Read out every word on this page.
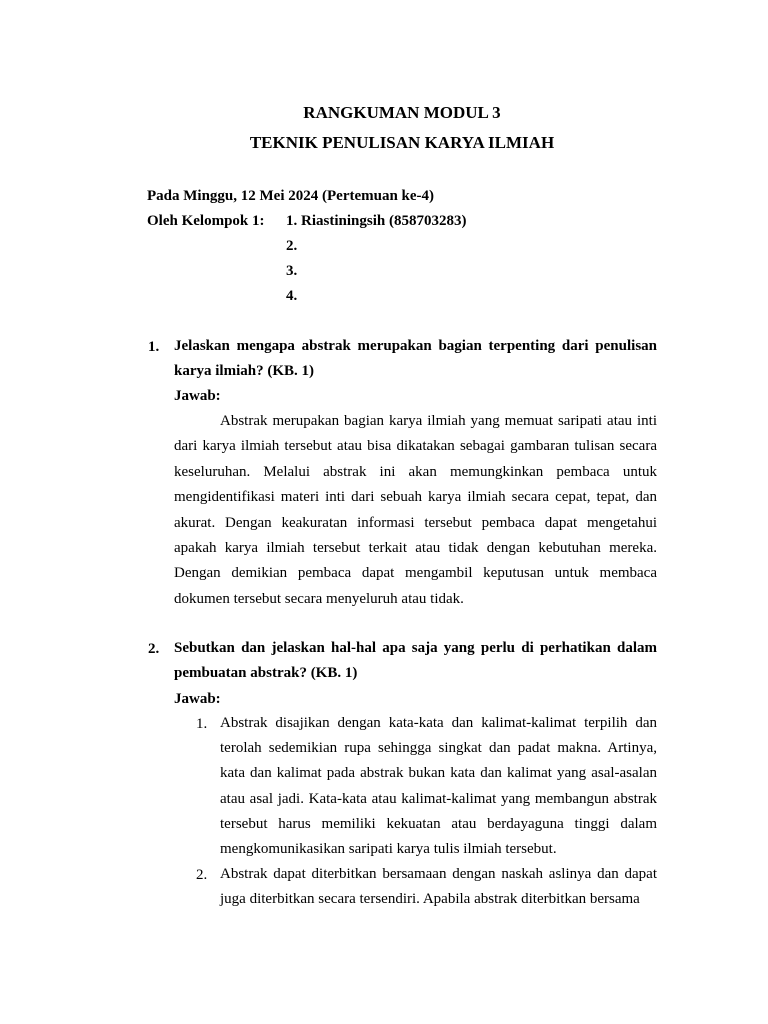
RANGKUMAN MODUL 3
TEKNIK PENULISAN KARYA ILMIAH
Pada Minggu, 12 Mei 2024 (Pertemuan ke-4)
Oleh Kelompok 1: 1. Riastiningsih (858703283)
2.
3.
4.
1. Jelaskan mengapa abstrak merupakan bagian terpenting dari penulisan karya ilmiah? (KB. 1)
Jawab:
Abstrak merupakan bagian karya ilmiah yang memuat saripati atau inti dari karya ilmiah tersebut atau bisa dikatakan sebagai gambaran tulisan secara keseluruhan. Melalui abstrak ini akan memungkinkan pembaca untuk mengidentifikasi materi inti dari sebuah karya ilmiah secara cepat, tepat, dan akurat. Dengan keakuratan informasi tersebut pembaca dapat mengetahui apakah karya ilmiah tersebut terkait atau tidak dengan kebutuhan mereka. Dengan demikian pembaca dapat mengambil keputusan untuk membaca dokumen tersebut secara menyeluruh atau tidak.
2. Sebutkan dan jelaskan hal-hal apa saja yang perlu di perhatikan dalam pembuatan abstrak? (KB. 1)
Jawab:
1. Abstrak disajikan dengan kata-kata dan kalimat-kalimat terpilih dan terolah sedemikian rupa sehingga singkat dan padat makna. Artinya, kata dan kalimat pada abstrak bukan kata dan kalimat yang asal-asalan atau asal jadi. Kata-kata atau kalimat-kalimat yang membangun abstrak tersebut harus memiliki kekuatan atau berdayaguna tinggi dalam mengkomunikasikan saripati karya tulis ilmiah tersebut.
2. Abstrak dapat diterbitkan bersamaan dengan naskah aslinya dan dapat juga diterbitkan secara tersendiri. Apabila abstrak diterbitkan bersama
